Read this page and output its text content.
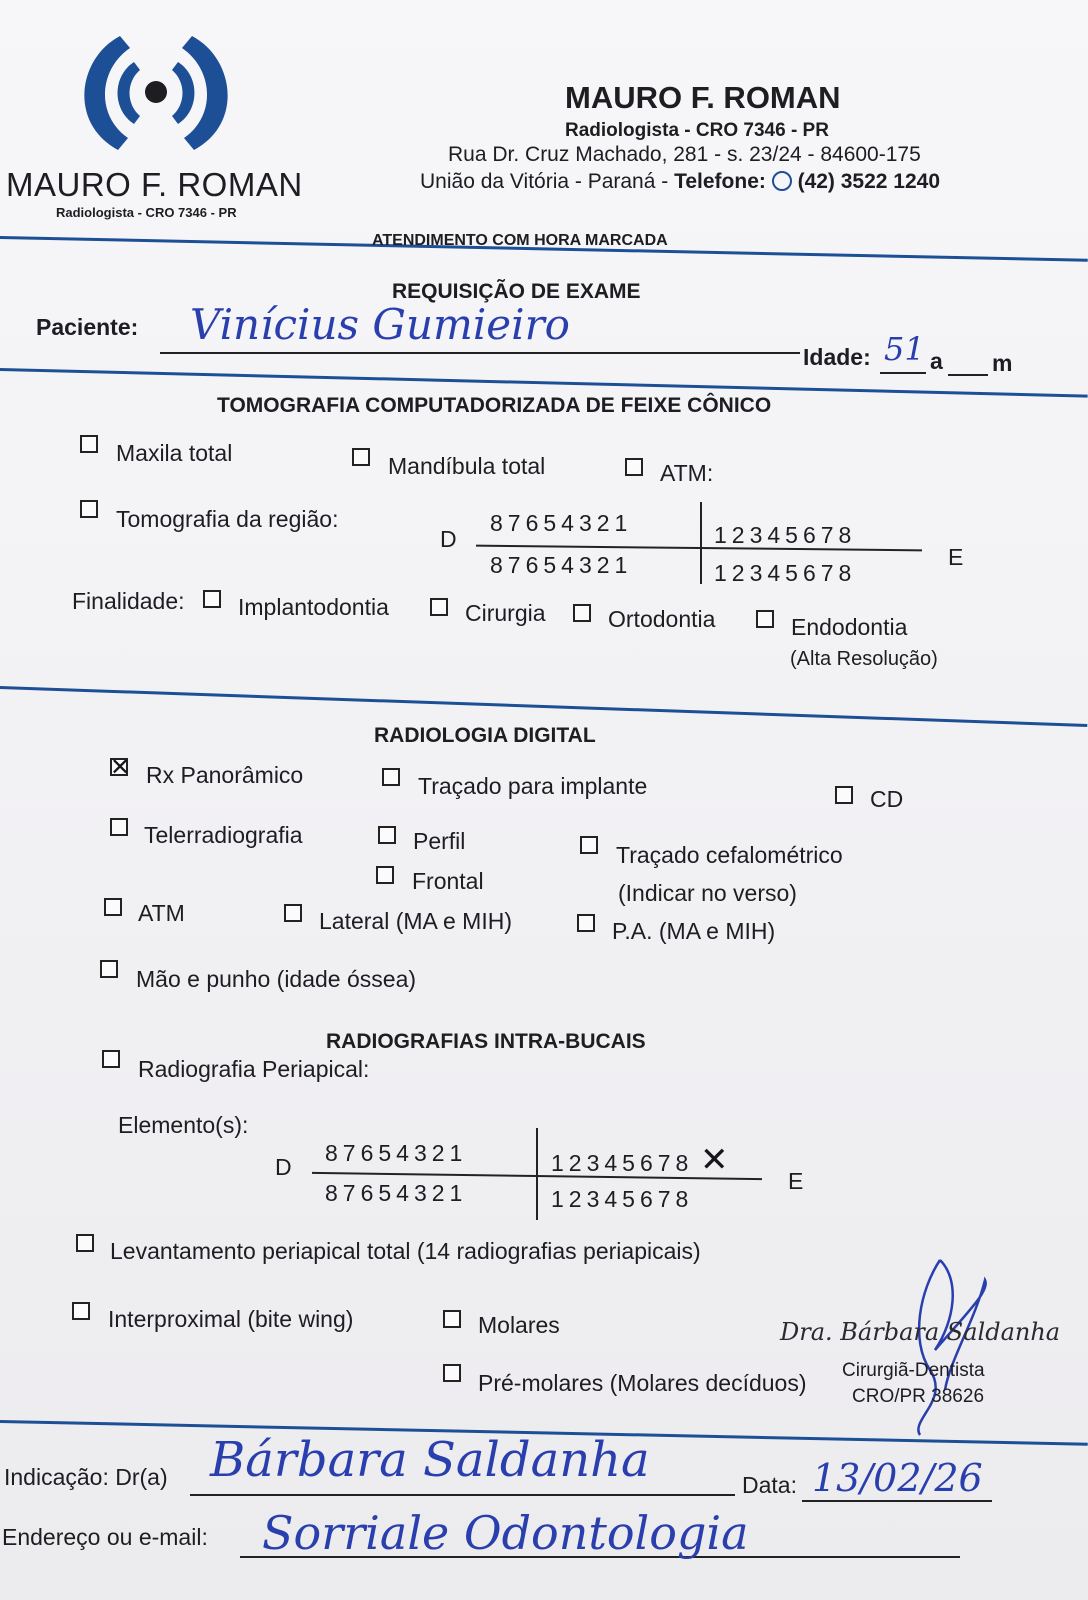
MAURO F. ROMAN
Radiologista - CRO 7346 - PR
MAURO F. ROMAN
Radiologista - CRO 7346 - PR
Rua Dr. Cruz Machado, 281 - s. 23/24 - 84600-175
União da Vitória - Paraná - Telefone: (42) 3522 1240
ATENDIMENTO COM HORA MARCADA
REQUISIÇÃO DE EXAME
Paciente: Vinícius Gumieiro
Idade: 51 a m
TOMOGRAFIA COMPUTADORIZADA DE FEIXE CÔNICO
Maxila total	Mandíbula total	ATM:
Tomografia da região:
D
87654321	12345678
87654321	12345678
E
Finalidade: Implantodontia	Cirurgia	Ortodontia	Endodontia
(Alta Resolução)
RADIOLOGIA DIGITAL
✕
Rx Panorâmico	Traçado para implante	CD
Telerradiografia	Perfil
Traçado cefalométrico
Frontal	(Indicar no verso)
ATM	Lateral (MA e MIH)	P.A. (MA e MIH)
Mão e punho (idade óssea)
RADIOGRAFIAS INTRA-BUCAIS
Radiografia Periapical:
Elemento(s):
D
87654321	12345678 ✕
87654321	12345678
E
Levantamento periapical total (14 radiografias periapicais)
Interproximal (bite wing)	Molares
Pré-molares (Molares decíduos)
Dra. Bárbara Saldanha
Cirurgiã-Dentista
CRO/PR 38626
Indicação: Dr(a) Bárbara Saldanha	Data: 13/02/26
Endereço ou e-mail: Sorriale Odontologia
